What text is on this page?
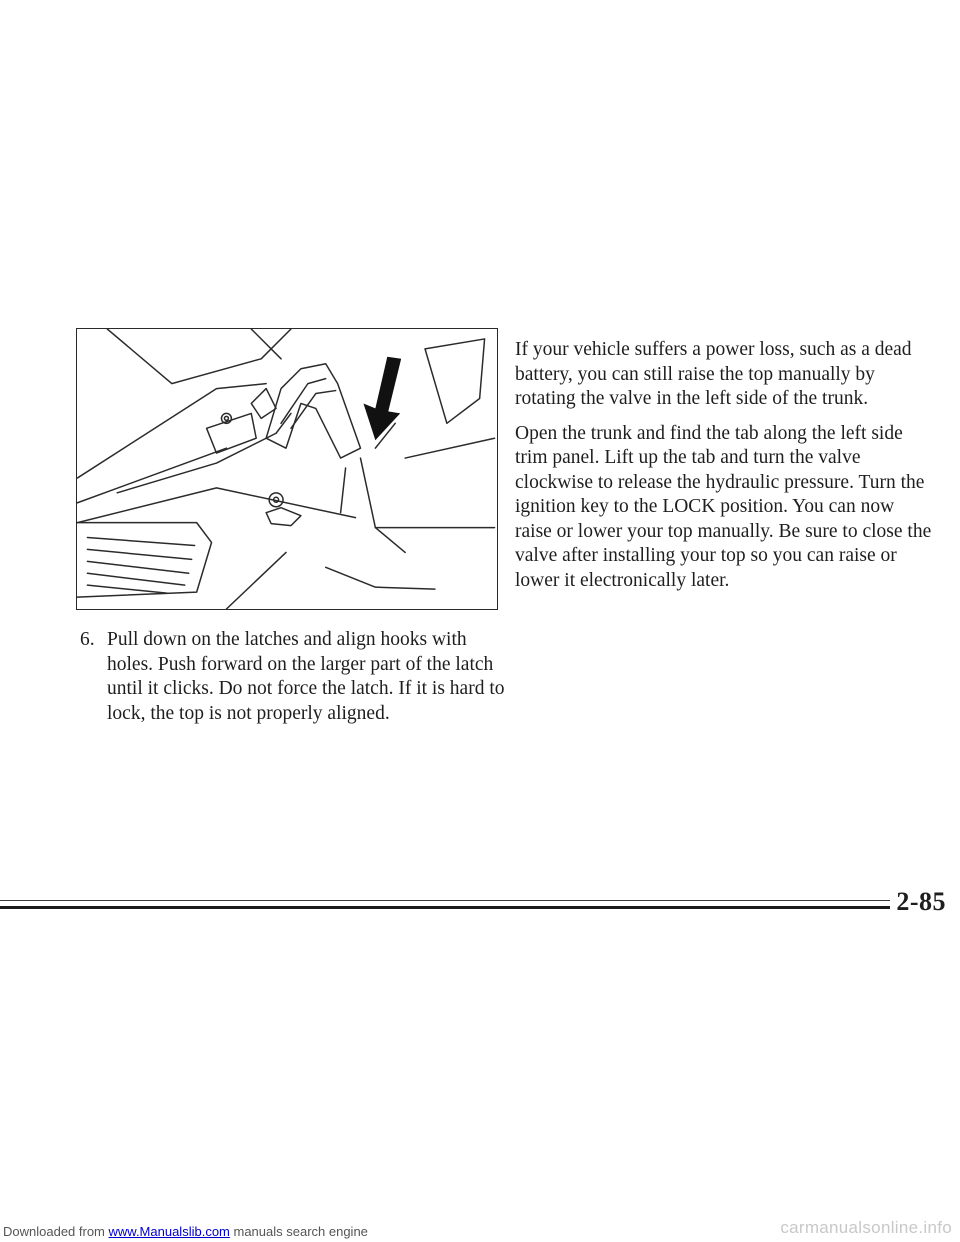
6. Pull down on the latches and align hooks with holes. Push forward on the larger part of the latch until it clicks. Do not force the latch. If it is hard to lock, the top is not properly aligned.

If your vehicle suffers a power loss, such as a dead battery, you can still raise the top manually by rotating the valve in the left side of the trunk.

Open the trunk and find the tab along the left side trim panel. Lift up the tab and turn the valve clockwise to release the hydraulic pressure. Turn the ignition key to the LOCK position. You can now raise or lower your top manually. Be sure to close the valve after installing your top so you can raise or lower it electronically later.

2-85
Downloaded from www.Manualslib.com manuals search engine	carmanualsonline.info
